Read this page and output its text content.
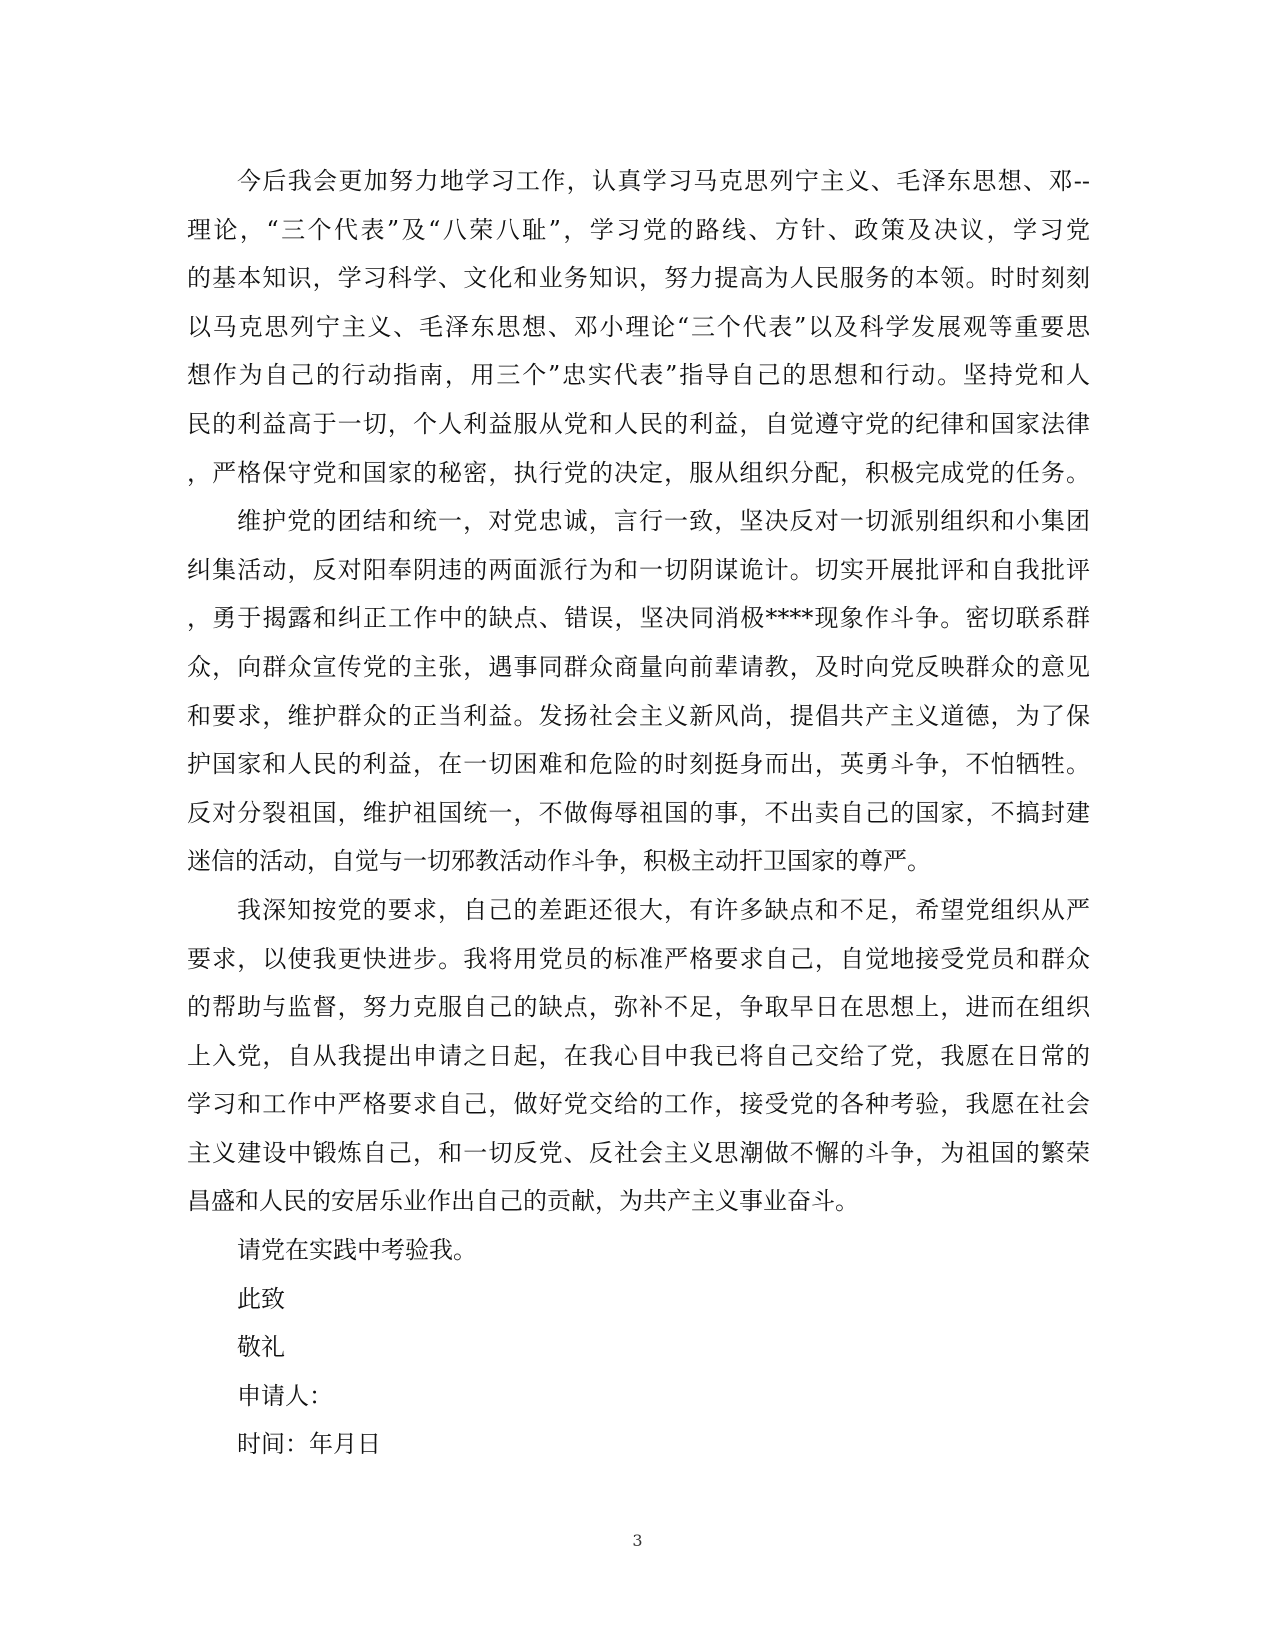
今后我会更加努力地学习工作，认真学习马克思列宁主义、毛泽东思想、邓--
理论，“三个代表”及“八荣八耻”，学习党的路线、方针、政策及决议，学习党
的基本知识，学习科学、文化和业务知识，努力提高为人民服务的本领。时时刻刻
以马克思列宁主义、毛泽东思想、邓小理论“三个代表”以及科学发展观等重要思
想作为自己的行动指南，用三个”忠实代表”指导自己的思想和行动。坚持党和人
民的利益高于一切，个人利益服从党和人民的利益，自觉遵守党的纪律和国家法律
，严格保守党和国家的秘密，执行党的决定，服从组织分配，积极完成党的任务。
维护党的团结和统一，对党忠诚，言行一致，坚决反对一切派别组织和小集团
纠集活动，反对阳奉阴违的两面派行为和一切阴谋诡计。切实开展批评和自我批评
，勇于揭露和纠正工作中的缺点、错误，坚决同消极****现象作斗争。密切联系群
众，向群众宣传党的主张，遇事同群众商量向前辈请教，及时向党反映群众的意见
和要求，维护群众的正当利益。发扬社会主义新风尚，提倡共产主义道德，为了保
护国家和人民的利益，在一切困难和危险的时刻挺身而出，英勇斗争，不怕牺牲。
反对分裂祖国，维护祖国统一，不做侮辱祖国的事，不出卖自己的国家，不搞封建
迷信的活动，自觉与一切邪教活动作斗争，积极主动扞卫国家的尊严。
我深知按党的要求，自己的差距还很大，有许多缺点和不足，希望党组织从严
要求，以使我更快进步。我将用党员的标准严格要求自己，自觉地接受党员和群众
的帮助与监督，努力克服自己的缺点，弥补不足，争取早日在思想上，进而在组织
上入党，自从我提出申请之日起，在我心目中我已将自己交给了党，我愿在日常的
学习和工作中严格要求自己，做好党交给的工作，接受党的各种考验，我愿在社会
主义建设中锻炼自己，和一切反党、反社会主义思潮做不懈的斗争，为祖国的繁荣
昌盛和人民的安居乐业作出自己的贡献，为共产主义事业奋斗。
请党在实践中考验我。
此致
敬礼
申请人：
时间：年月日
3
